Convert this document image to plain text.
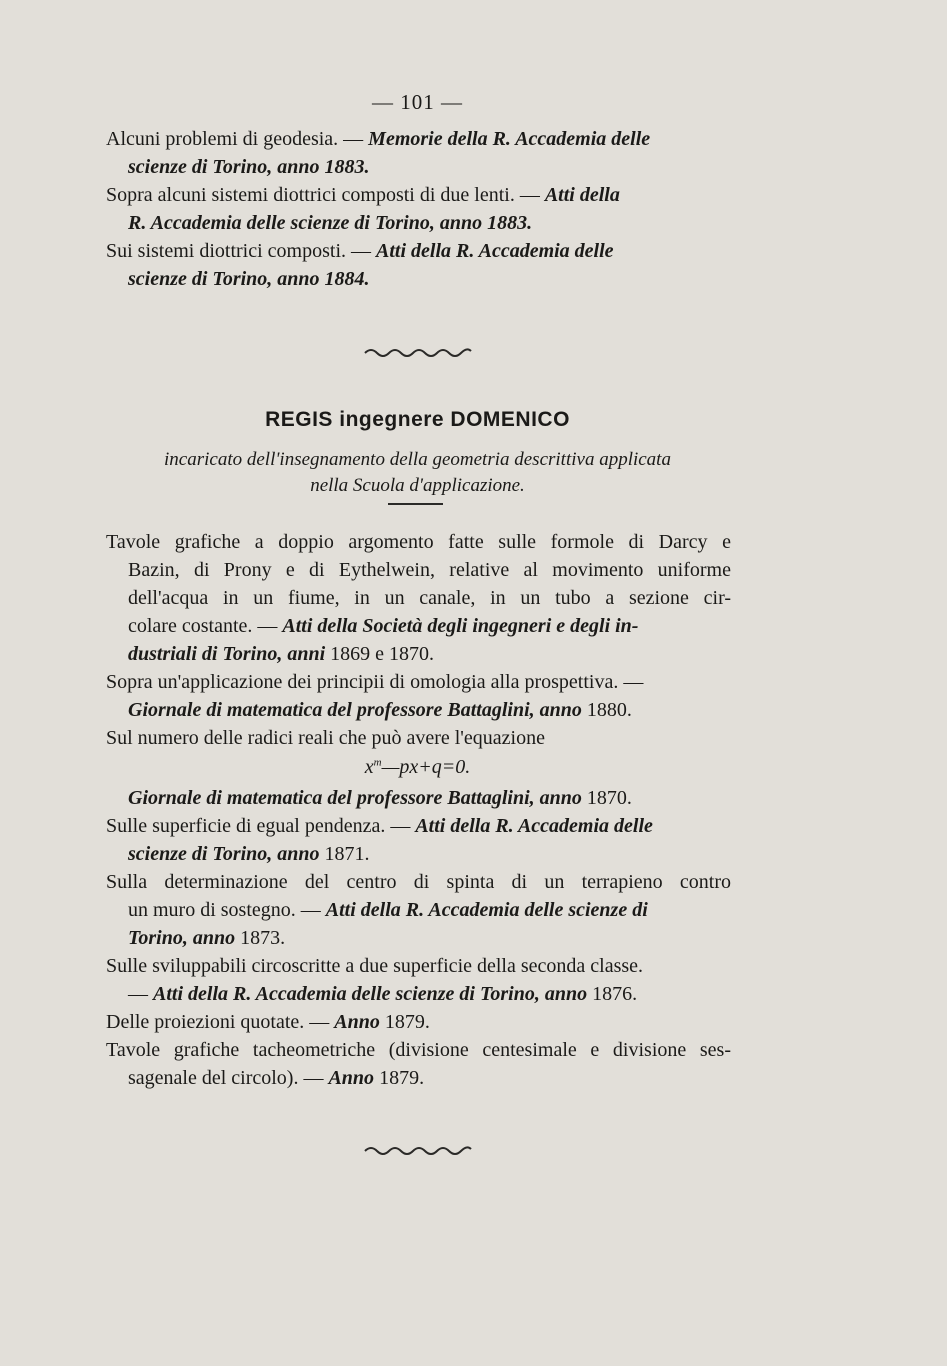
— 101 —
Alcuni problemi di geodesia. — Memorie della R. Accademia delle
scienze di Torino, anno 1883.
Sopra alcuni sistemi diottrici composti di due lenti. — Atti della
R. Accademia delle scienze di Torino, anno 1883.
Sui sistemi diottrici composti. — Atti della R. Accademia delle
scienze di Torino, anno 1884.
REGIS ingegnere DOMENICO
incaricato dell'insegnamento della geometria descrittiva applicata
nella Scuola d'applicazione.
Tavole grafiche a doppio argomento fatte sulle formole di Darcy e
Bazin, di Prony e di Eythelwein, relative al movimento uniforme
dell'acqua in un fiume, in un canale, in un tubo a sezione cir-
colare costante. — Atti della Società degli ingegneri e degli in-
dustriali di Torino, anni 1869 e 1870.
Sopra un'applicazione dei principii di omologia alla prospettiva. —
Giornale di matematica del professore Battaglini, anno 1880.
Sul numero delle radici reali che può avere l'equazione
$x^m—px+q=0$.
Giornale di matematica del professore Battaglini, anno 1870.
Sulle superficie di egual pendenza. — Atti della R. Accademia delle
scienze di Torino, anno 1871.
Sulla determinazione del centro di spinta di un terrapieno contro
un muro di sostegno. — Atti della R. Accademia delle scienze di
Torino, anno 1873.
Sulle sviluppabili circoscritte a due superficie della seconda classe.
— Atti della R. Accademia delle scienze di Torino, anno 1876.
Delle proiezioni quotate. — Anno 1879.
Tavole grafiche tacheometriche (divisione centesimale e divisione ses-
sagenale del circolo). — Anno 1879.
